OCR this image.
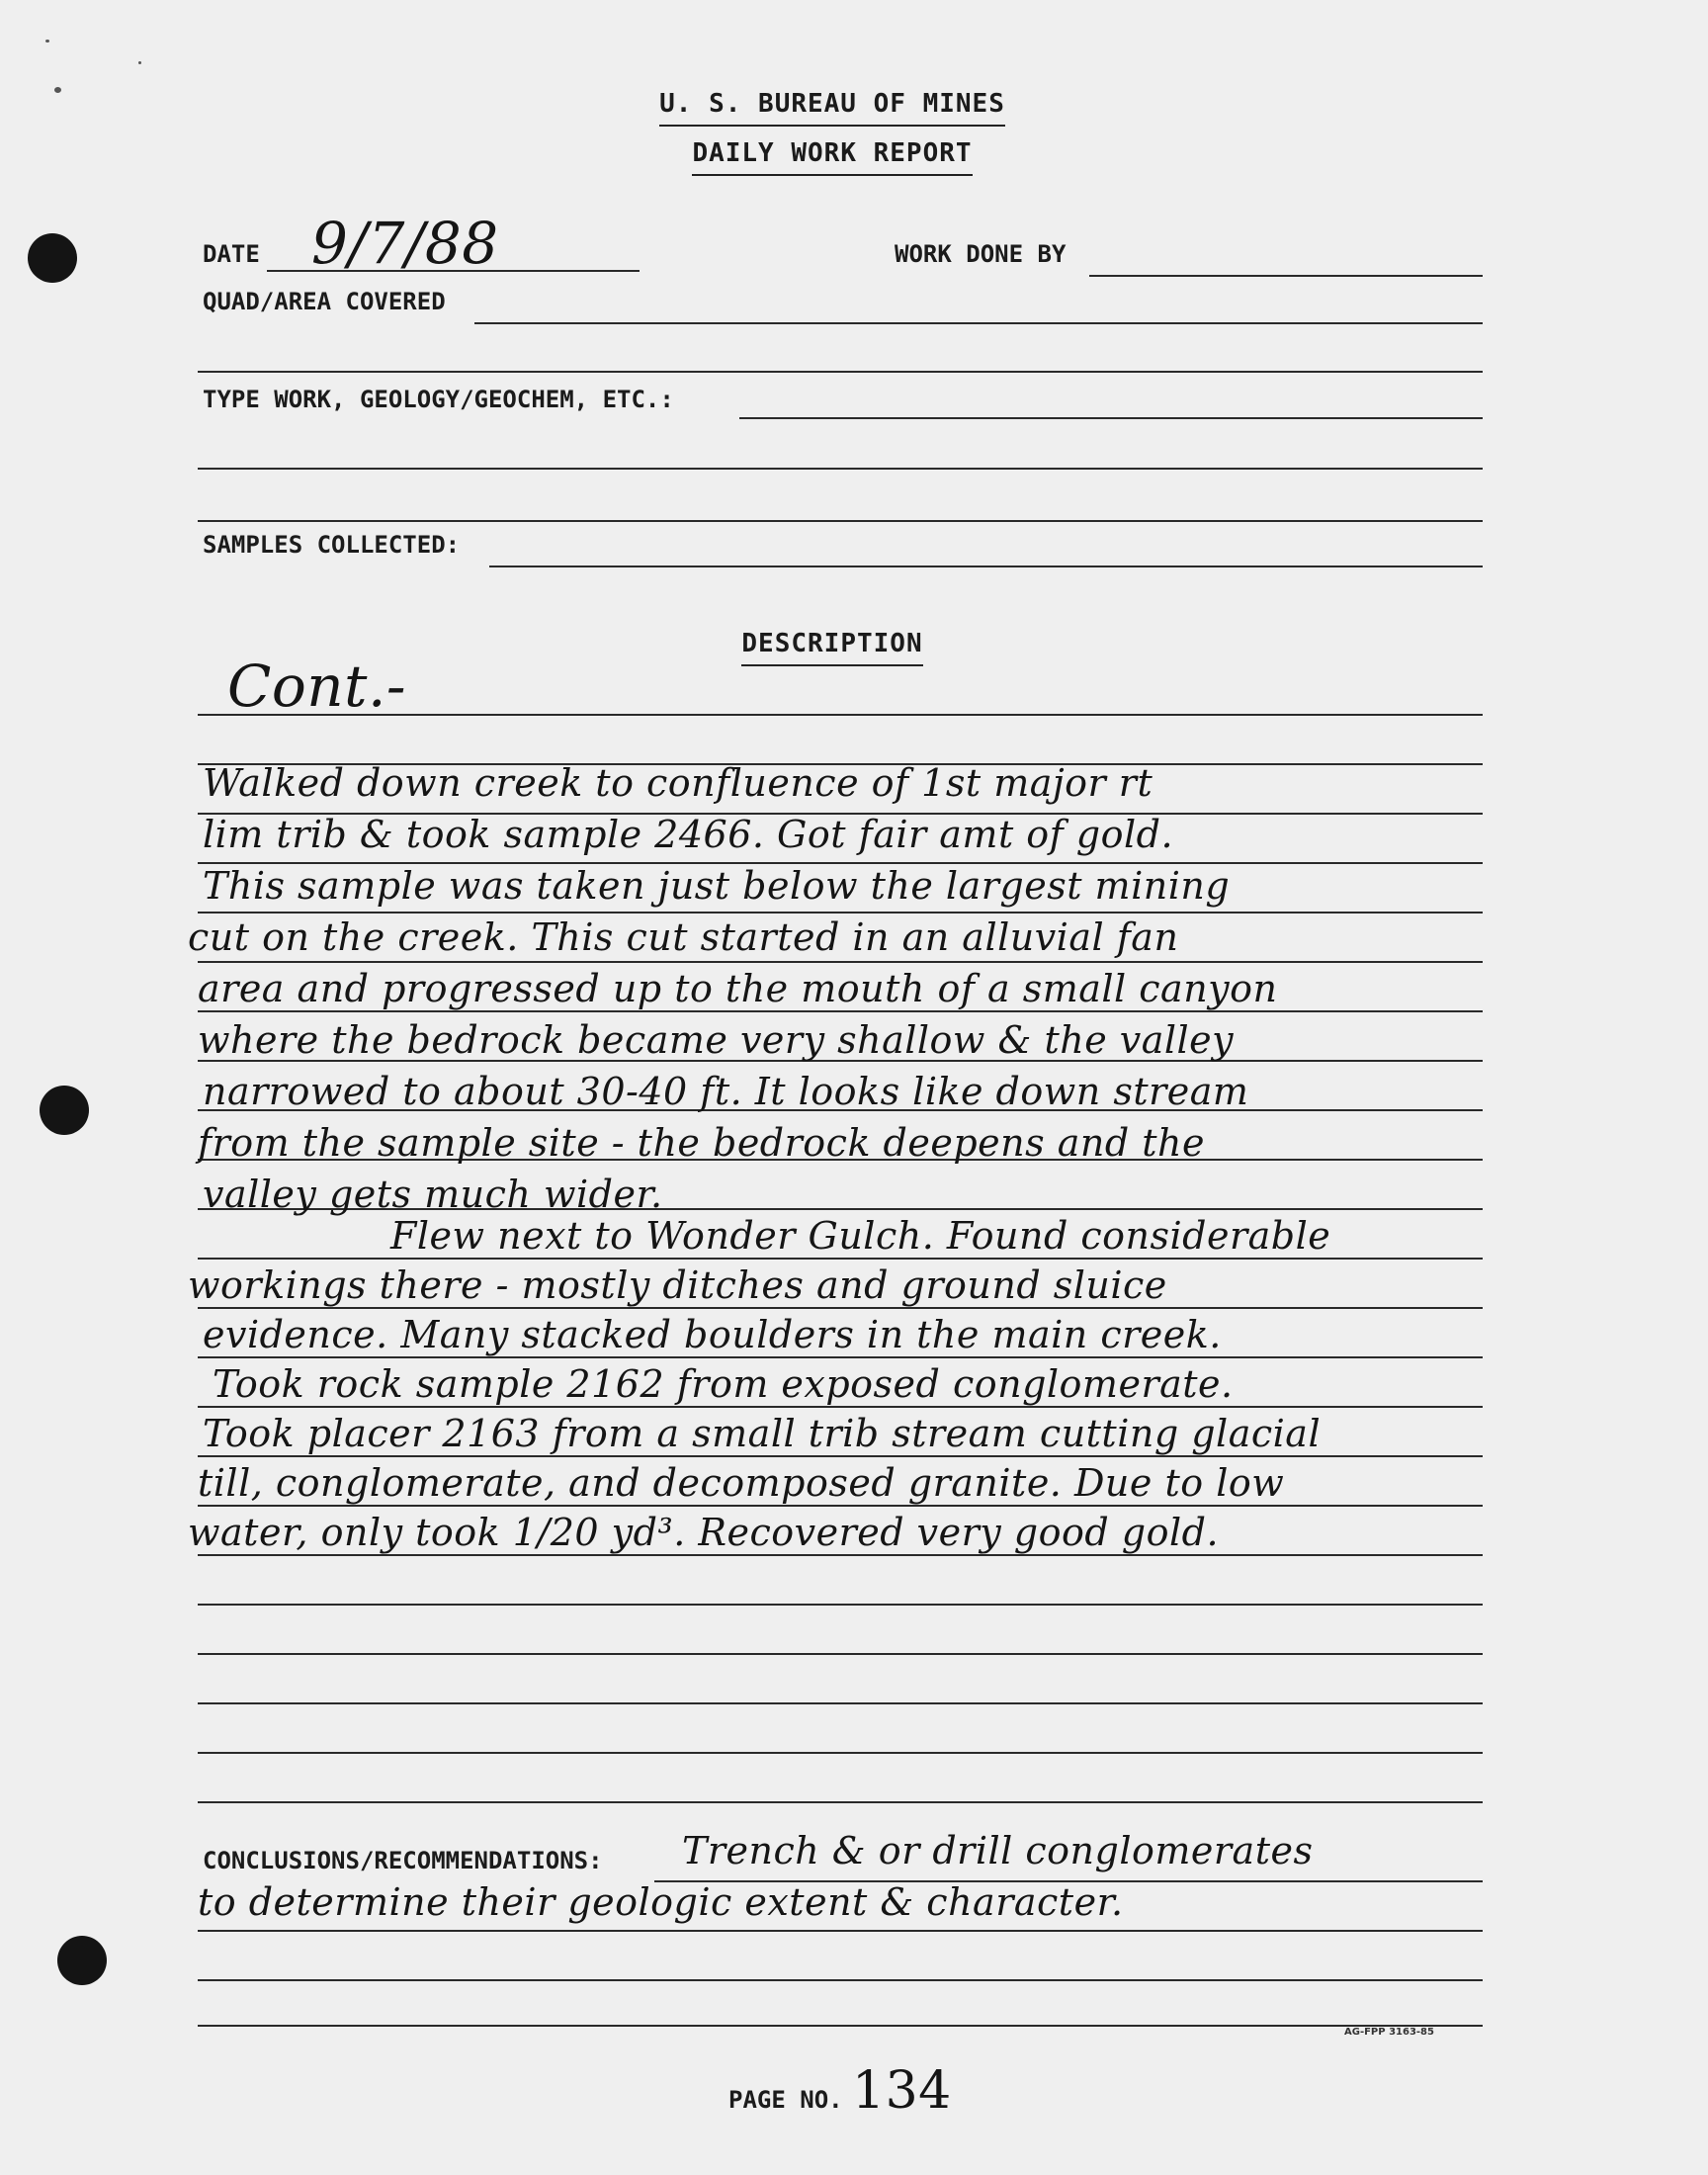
U. S. BUREAU OF MINES
DAILY WORK REPORT
DATE 9/7/88	WORK DONE BY
QUAD/AREA COVERED
TYPE WORK, GEOLOGY/GEOCHEM, ETC.:
SAMPLES COLLECTED:
DESCRIPTION
Cont.-
Walked down creek to confluence of 1st major rt
lim trib & took sample 2466. Got fair amt of gold.
This sample was taken just below the largest mining
cut on the creek. This cut started in an alluvial fan
area and progressed up to the mouth of a small canyon
where the bedrock became very shallow & the valley
narrowed to about 30-40 ft. It looks like down stream
from the sample site - the bedrock deepens and the
valley gets much wider.
Flew next to Wonder Gulch. Found considerable
workings there - mostly ditches and ground sluice
evidence. Many stacked boulders in the main creek.
Took rock sample 2162 from exposed conglomerate.
Took placer 2163 from a small trib stream cutting glacial
till, conglomerate, and decomposed granite. Due to low
water, only took 1/20 yd³. Recovered very good gold.
CONCLUSIONS/RECOMMENDATIONS: Trench & or drill conglomerates
to determine their geologic extent & character.
AG-FPP 3163-85
PAGE NO. 134
